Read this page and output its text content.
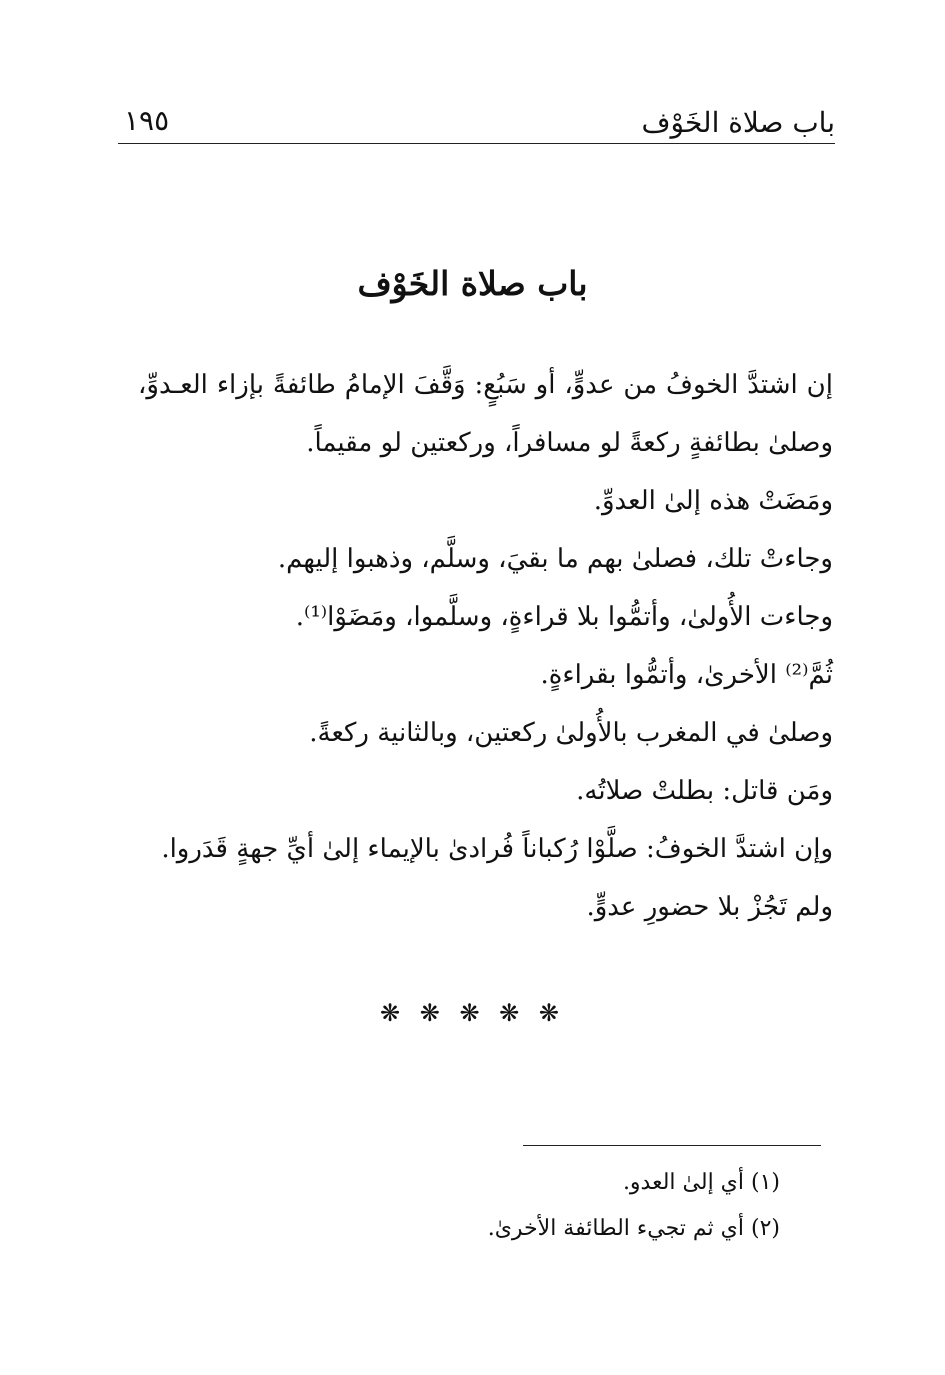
باب صلاة الخَوْف
١٩٥
باب صلاة الخَوْف

إن اشتدَّ الخوفُ من عدوٍّ، أو سَبُعٍ: وَقَّفَ الإمامُ طائفةً بإزاء العـدوِّ، وصلىٰ بطائفةٍ ركعةً لو مسافراً، وركعتين لو مقيماً.

ومَضَتْ هذه إلىٰ العدوِّ.

وجاءتْ تلك، فصلىٰ بهم ما بقيَ، وسلَّم، وذهبوا إليهم.

وجاءت الأُولىٰ، وأتمُّوا بلا قراءةٍ، وسلَّموا، ومَضَوْا⁽¹⁾.

ثُمَّ⁽²⁾ الأخرىٰ، وأتمُّوا بقراءةٍ.

وصلىٰ في المغرب بالأُولىٰ ركعتين، وبالثانية ركعةً.

ومَن قاتل: بطلتْ صلاتُه.

وإن اشتدَّ الخوفُ: صلَّوْا رُكباناً فُرادىٰ بالإيماء إلىٰ أيِّ جهةٍ قَدَروا.

ولم تَجُزْ بلا حضورِ عدوٍّ.

❋ ❋ ❋ ❋ ❋

(١) أي إلىٰ العدو.

(٢) أي ثم تجيء الطائفة الأخرىٰ.
